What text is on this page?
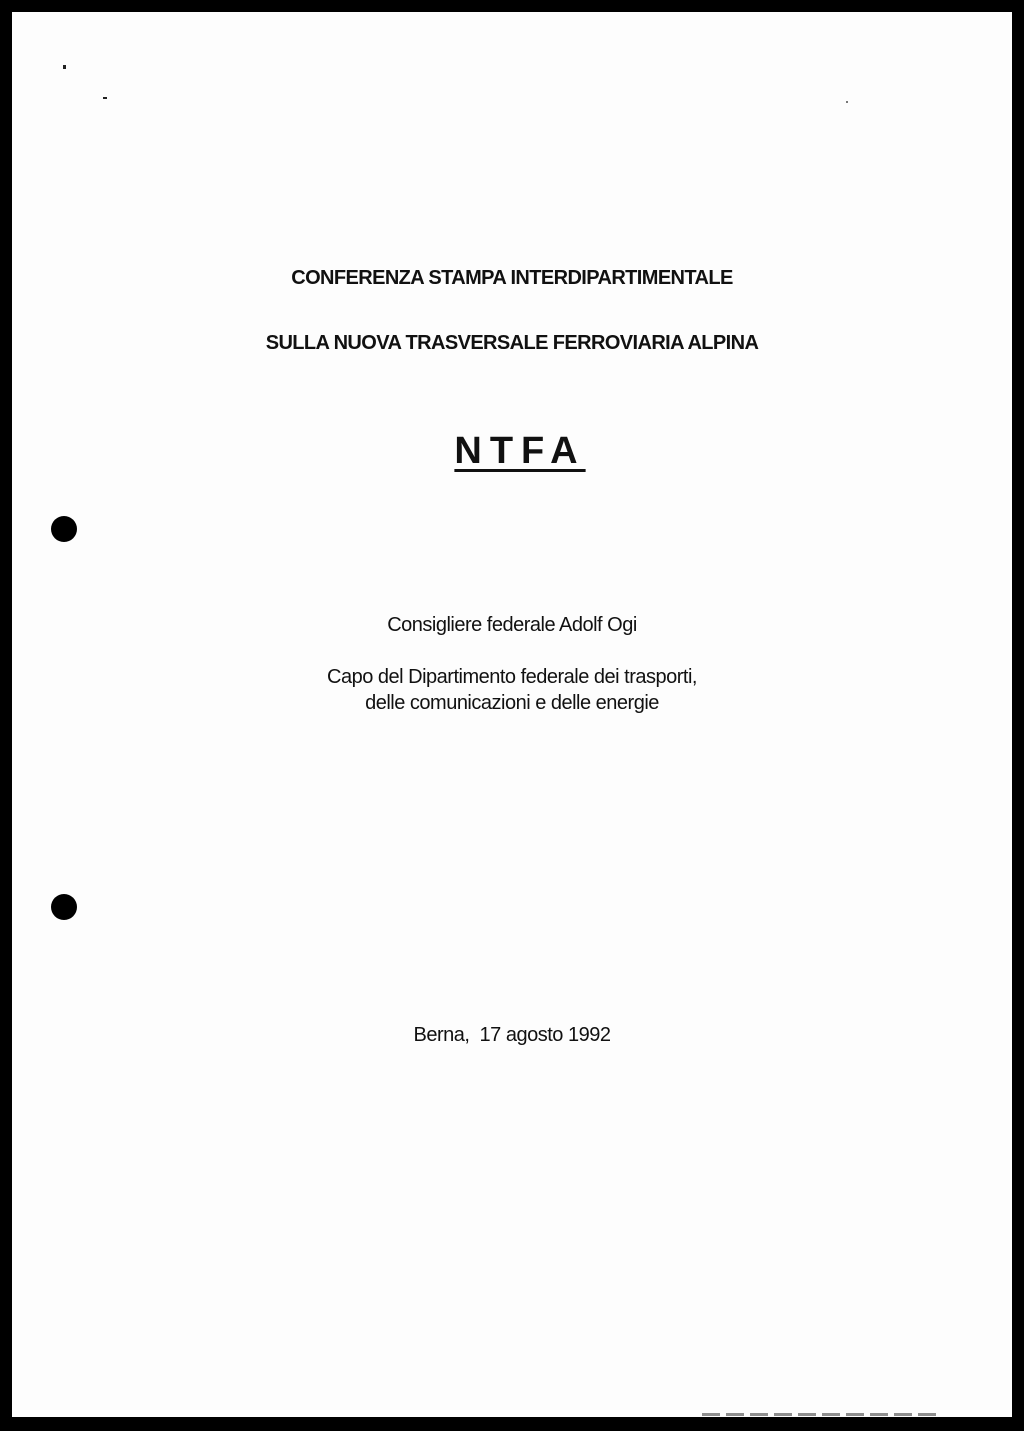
CONFERENZA STAMPA INTERDIPARTIMENTALE
SULLA NUOVA TRASVERSALE FERROVIARIA ALPINA
NTFA
Consigliere federale Adolf Ogi
Capo del Dipartimento federale dei trasporti,
delle comunicazioni e delle energie
Berna,  17 agosto 1992
